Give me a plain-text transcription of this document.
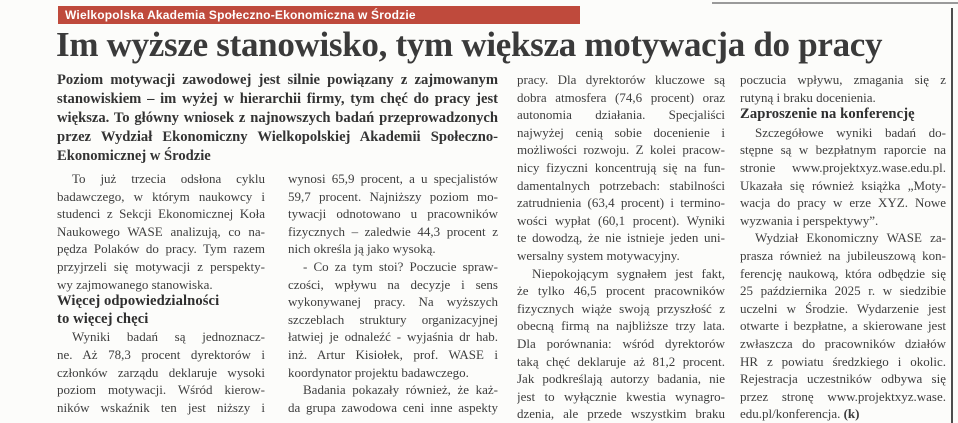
Wielkopolska Akademia Społeczno-Ekonomiczna w Środzie
Im wyższe stanowisko, tym większa motywacja do pracy
Poziom motywacji zawodowej jest silnie powiązany z zajmowanym
stanowiskiem – im wyżej w hierarchii firmy, tym chęć do pracy jest
większa. To główny wniosek z najnowszych badań przeprowadzonych
przez Wydział Ekonomiczny Wielkopolskiej Akademii Społeczno-
Ekonomicznej w Środzie
To już trzecia odsłona cyklu
badawczego, w którym naukowcy i
studenci z Sekcji Ekonomicznej Koła
Naukowego WASE analizują, co na-
pędza Polaków do pracy. Tym razem
przyjrzeli się motywacji z perspekty-
wy zajmowanego stanowiska.
Więcej odpowiedzialności
to więcej chęci
Wyniki badań są jednoznacz-
ne. Aż 78,3 procent dyrektorów i
członków zarządu deklaruje wysoki
poziom motywacji. Wśród kierow-
ników wskaźnik ten jest niższy i
wynosi 65,9 procent, a u specjalistów
59,7 procent. Najniższy poziom mo-
tywacji odnotowano u pracowników
fizycznych – zaledwie 44,3 procent z
nich określa ją jako wysoką.
- Co za tym stoi? Poczucie spraw-
czości, wpływu na decyzje i sens
wykonywanej pracy. Na wyższych
szczeblach struktury organizacyjnej
łatwiej je odnaleźć - wyjaśnia dr hab.
inż. Artur Kisiołek, prof. WASE i
koordynator projektu badawczego.
Badania pokazały również, że każ-
da grupa zawodowa ceni inne aspekty
pracy. Dla dyrektorów kluczowe są
dobra atmosfera (74,6 procent) oraz
autonomia działania. Specjaliści
najwyżej cenią sobie docenienie i
możliwości rozwoju. Z kolei pracow-
nicy fizyczni koncentrują się na fun-
damentalnych potrzebach: stabilności
zatrudnienia (63,4 procent) i termino-
wości wypłat (60,1 procent). Wyniki
te dowodzą, że nie istnieje jeden uni-
wersalny system motywacyjny.
Niepokojącym sygnałem jest fakt,
że tylko 46,5 procent pracowników
fizycznych wiąże swoją przyszłość z
obecną firmą na najbliższe trzy lata.
Dla porównania: wśród dyrektorów
taką chęć deklaruje aż 81,2 procent.
Jak podkreślają autorzy badania, nie
jest to wyłącznie kwestia wynagro-
dzenia, ale przede wszystkim braku
poczucia wpływu, zmagania się z
rutyną i braku docenienia.
Zaproszenie na konferencję
Szczegółowe wyniki badań do-
stępne są w bezpłatnym raporcie na
stronie www.projektxyz.wase.edu.pl.
Ukazała się również książka „Moty-
wacja do pracy w erze XYZ. Nowe
wyzwania i perspektywy”.
Wydział Ekonomiczny WASE za-
prasza również na jubileuszową kon-
ferencję naukową, która odbędzie się
25 października 2025 r. w siedzibie
uczelni w Środzie. Wydarzenie jest
otwarte i bezpłatne, a skierowane jest
zwłaszcza do pracowników działów
HR z powiatu średzkiego i okolic.
Rejestracja uczestników odbywa się
przez stronę www.projektxyz.wase.
edu.pl/konferencja. (k)
